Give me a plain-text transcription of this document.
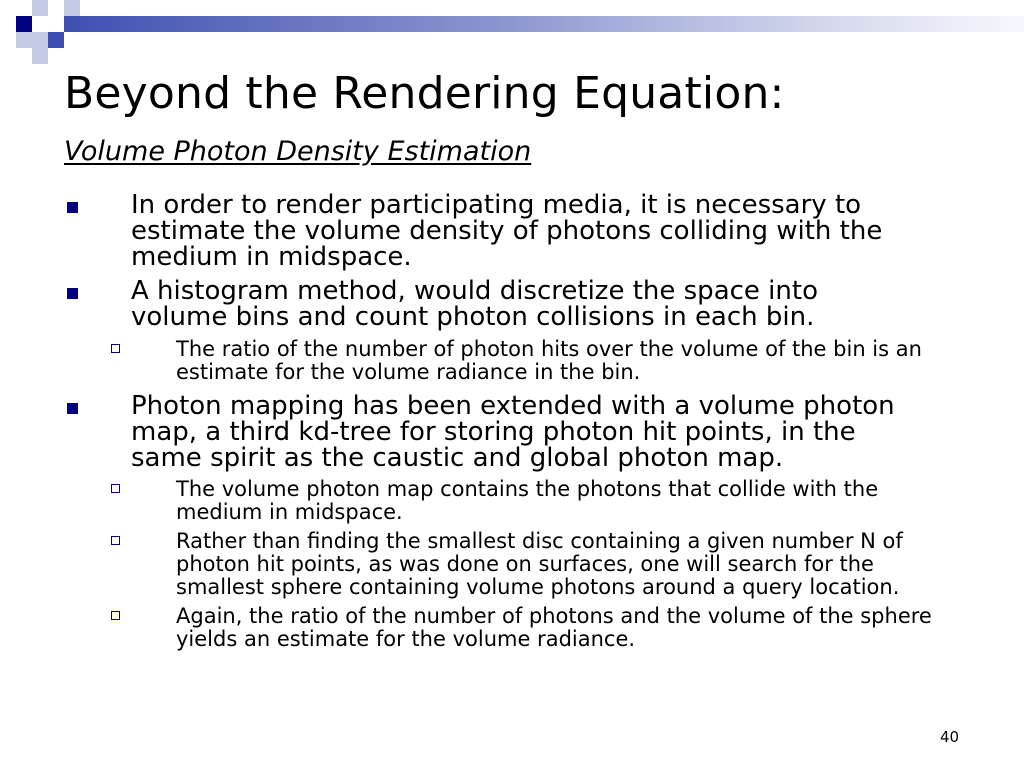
Beyond the Rendering Equation:
Volume Photon Density Estimation
In order to render participating media, it is necessary to estimate the volume density of photons colliding with the medium in midspace.
A histogram method, would discretize the space into volume bins and count photon collisions in each bin.
The ratio of the number of photon hits over the volume of the bin is an estimate for the volume radiance in the bin.
Photon mapping has been extended with a volume photon map, a third kd-tree for storing photon hit points, in the same spirit as the caustic and global photon map.
The volume photon map contains the photons that collide with the medium in midspace.
Rather than finding the smallest disc containing a given number N of photon hit points, as was done on surfaces, one will search for the smallest sphere containing volume photons around a query location.
Again, the ratio of the number of photons and the volume of the sphere yields an estimate for the volume radiance.
40
